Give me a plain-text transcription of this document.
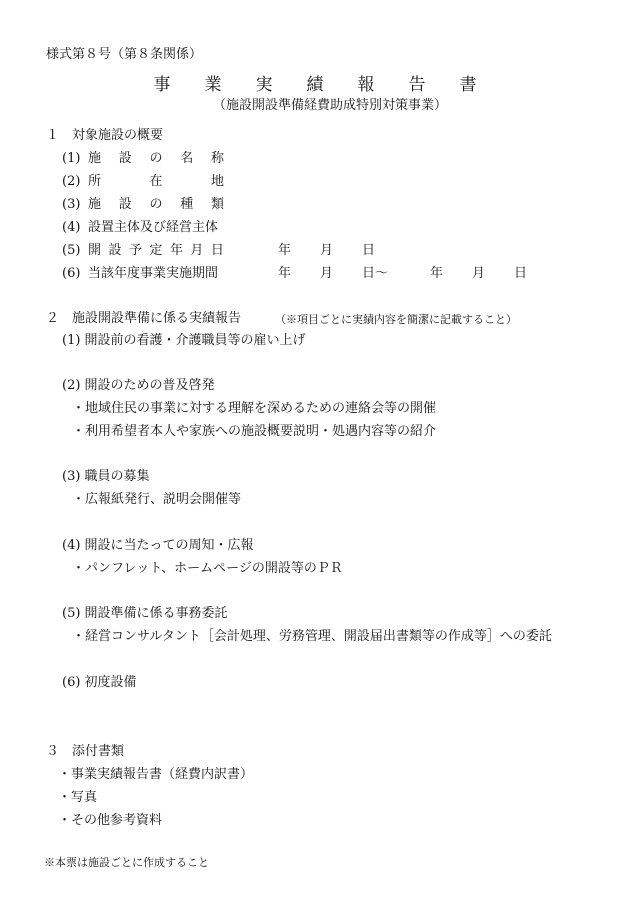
様式第８号（第８条関係）
事業実績報告書
（施設開設準備経費助成特別対策事業）
１　対象施設の概要
(1) 施 設 の 名 称
(2) 所	在	地
(3) 施 設 の 種 類
(4) 設置主体及び経営主体
(5) 開 設 予 定 年 月 日	年 月 日
(6) 当該年度事業実施期間	年 月 日～	年 月 日
２　施設開設準備に係る実績報告	（※項目ごとに実績内容を簡潔に記載すること）
(1) 開設前の看護・介護職員等の雇い上げ
(2) 開設のための普及啓発
・地域住民の事業に対する理解を深めるための連絡会等の開催
・利用希望者本人や家族への施設概要説明・処遇内容等の紹介
(3) 職員の募集
・広報紙発行、説明会開催等
(4) 開設に当たっての周知・広報
・パンフレット、ホームページの開設等のＰＲ
(5) 開設準備に係る事務委託
・経営コンサルタント［会計処理、労務管理、開設届出書類等の作成等］への委託
(6) 初度設備
３　添付書類
・事業実績報告書（経費内訳書）
・写真
・その他参考資料
※本票は施設ごとに作成すること
